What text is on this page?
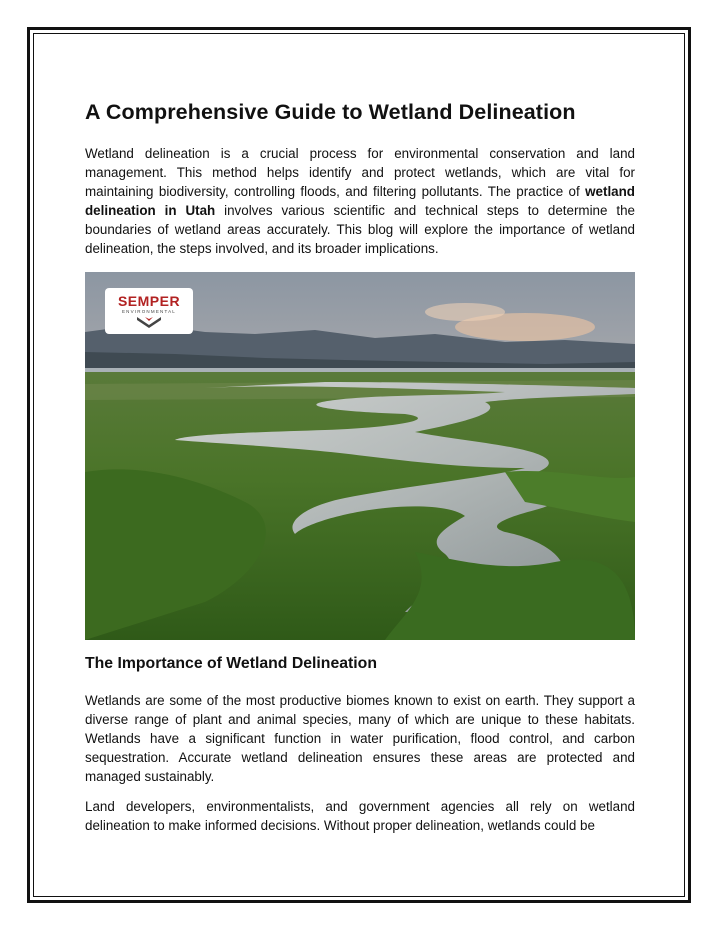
A Comprehensive Guide to Wetland Delineation

Wetland delineation is a crucial process for environmental conservation and land management. This method helps identify and protect wetlands, which are vital for maintaining biodiversity, controlling floods, and filtering pollutants. The practice of wetland delineation in Utah involves various scientific and technical steps to determine the boundaries of wetland areas accurately. This blog will explore the importance of wetland delineation, the steps involved, and its broader implications.

SEMPER
ENVIRONMENTAL
The Importance of Wetland Delineation

Wetlands are some of the most productive biomes known to exist on earth. They support a diverse range of plant and animal species, many of which are unique to these habitats. Wetlands have a significant function in water purification, flood control, and carbon sequestration. Accurate wetland delineation ensures these areas are protected and managed sustainably.

Land developers, environmentalists, and government agencies all rely on wetland delineation to make informed decisions. Without proper delineation, wetlands could be
